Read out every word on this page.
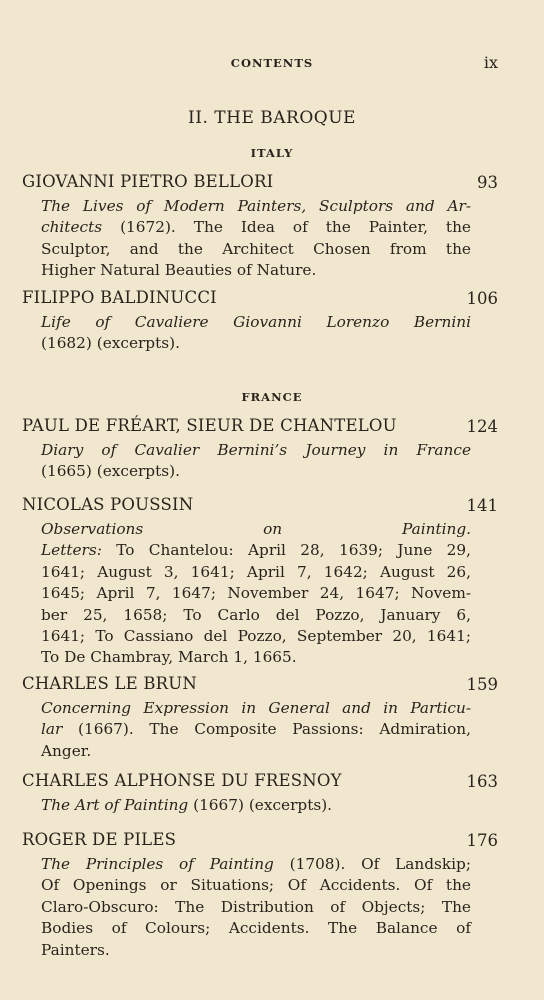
CONTENTS	ix
II. THE BAROQUE
ITALY
FRANCE
GIOVANNI PIETRO BELLORI	93
The Lives of Modern Painters, Sculptors and Ar-
chitects (1672). The Idea of the Painter, the
Sculptor, and the Architect Chosen from the
Higher Natural Beauties of Nature.
FILIPPO BALDINUCCI	106
Life of Cavaliere Giovanni Lorenzo Bernini
(1682) (excerpts).
PAUL DE FRÉART, SIEUR DE CHANTELOU	124
Diary of Cavalier Bernini’s Journey in France
(1665) (excerpts).
NICOLAS POUSSIN	141
Observations on Painting.
Letters: To Chantelou: April 28, 1639; June 29,
1641; August 3, 1641; April 7, 1642; August 26,
1645; April 7, 1647; November 24, 1647; Novem-
ber 25, 1658; To Carlo del Pozzo, January 6,
1641; To Cassiano del Pozzo, September 20, 1641;
To De Chambray, March 1, 1665.
CHARLES LE BRUN	159
Concerning Expression in General and in Particu-
lar (1667). The Composite Passions: Admiration,
Anger.
CHARLES ALPHONSE DU FRESNOY	163
The Art of Painting (1667) (excerpts).
ROGER DE PILES	176
The Principles of Painting (1708). Of Landskip;
Of Openings or Situations; Of Accidents. Of the
Claro-Obscuro: The Distribution of Objects; The
Bodies of Colours; Accidents. The Balance of
Painters.
